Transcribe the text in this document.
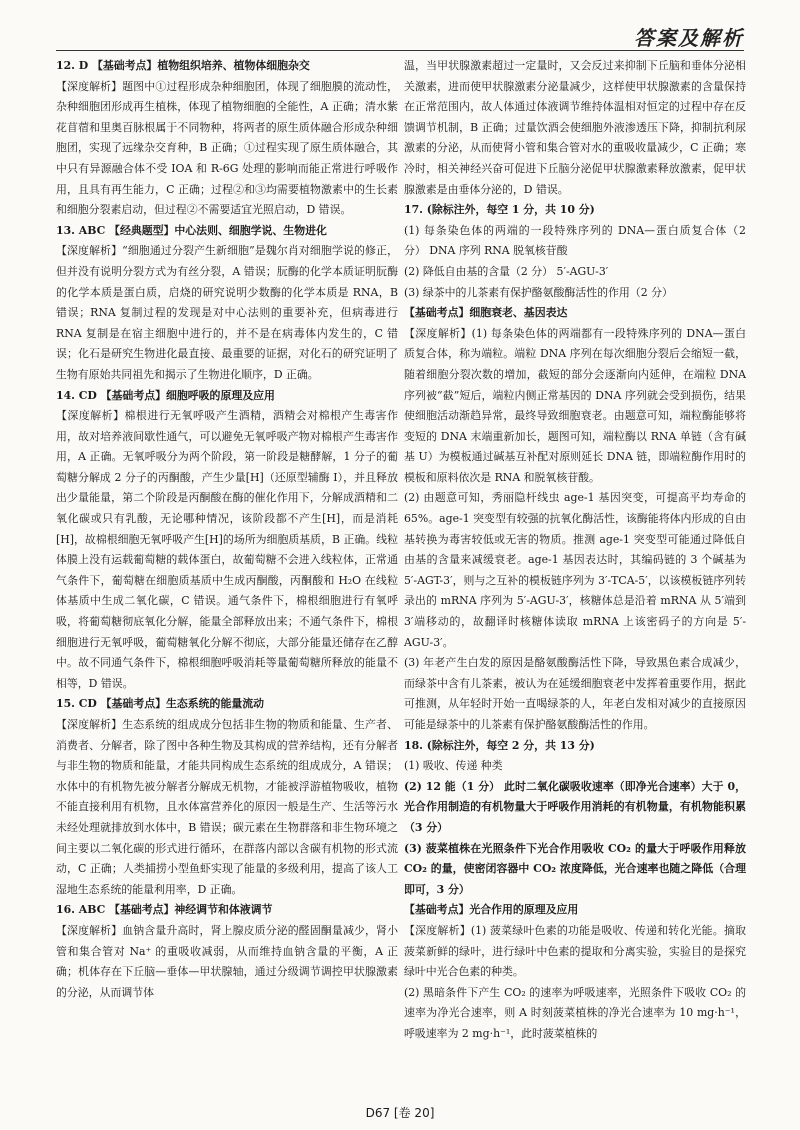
答案及解析

12. D 【基础考点】植物组织培养、植物体细胞杂交

【深度解析】题图中①过程形成杂种细胞团，体现了细胞膜的流动性，杂种细胞团形成再生植株，体现了植物细胞的全能性，A 正确；清水紫花苜蓿和里奥百脉根属于不同物种，将两者的原生质体融合形成杂种细胞团，实现了远缘杂交育种，B 正确；①过程实现了原生质体融合，其中只有异源融合体不受 IOA 和 R-6G 处理的影响而能正常进行呼吸作用，且具有再生能力，C 正确；过程②和③均需要植物激素中的生长素和细胞分裂素启动，但过程②不需要适宜光照启动，D 错误。

13. ABC 【经典题型】中心法则、细胞学说、生物进化

【深度解析】“细胞通过分裂产生新细胞”是魏尔肖对细胞学说的修正，但并没有说明分裂方式为有丝分裂，A 错误；朊酶的化学本质证明朊酶的化学本质是蛋白质，启烧的研究说明少数酶的化学本质是 RNA，B 错误；RNA 复制过程的发现是对中心法则的重要补充，但病毒进行 RNA 复制是在宿主细胞中进行的，并不是在病毒体内发生的，C 错误；化石是研究生物进化最直接、最重要的证据，对化石的研究证明了生物有原始共同祖先和揭示了生物进化顺序，D 正确。

14. CD 【基础考点】细胞呼吸的原理及应用

【深度解析】棉根进行无氧呼吸产生酒精，酒精会对棉根产生毒害作用，故对培养液间歇性通气，可以避免无氧呼吸产物对棉根产生毒害作用，A 正确。无氧呼吸分为两个阶段，第一阶段是糖酵解，1 分子的葡萄糖分解成 2 分子的丙酮酸，产生少量[H]（还原型辅酶 Ⅰ），并且释放出少量能量，第二个阶段是丙酮酸在酶的催化作用下，分解成酒精和二氧化碳或只有乳酸，无论哪种情况，该阶段都不产生[H]，而是消耗[H]，故棉根细胞无氧呼吸产生[H]的场所为细胞质基质，B 正确。线粒体膜上没有运载葡萄糖的载体蛋白，故葡萄糖不会进入线粒体，正常通气条件下，葡萄糖在细胞质基质中生成丙酮酸，丙酮酸和 H₂O 在线粒体基质中生成二氧化碳，C 错误。通气条件下，棉根细胞进行有氧呼吸，将葡萄糖彻底氧化分解，能量全部释放出来；不通气条件下，棉根细胞进行无氧呼吸，葡萄糖氧化分解不彻底，大部分能量还储存在乙醇中。故不同通气条件下，棉根细胞呼吸消耗等量葡萄糖所释放的能量不相等，D 错误。

15. CD 【基础考点】生态系统的能量流动

【深度解析】生态系统的组成成分包括非生物的物质和能量、生产者、消费者、分解者，除了图中各种生物及其构成的营养结构，还有分解者与非生物的物质和能量，才能共同构成生态系统的组成成分，A 错误；水体中的有机物先被分解者分解成无机物，才能被浮游植物吸收，植物不能直接利用有机物，且水体富营养化的原因一般是生产、生活等污水未经处理就排放到水体中，B 错误；碳元素在生物群落和非生物环境之间主要以二氧化碳的形式进行循环，在群落内部以含碳有机物的形式流动，C 正确；人类捕捞小型鱼虾实现了能量的多级利用，提高了该人工湿地生态系统的能量利用率，D 正确。

16. ABC 【基础考点】神经调节和体液调节

【深度解析】血钠含量升高时，肾上腺皮质分泌的醛固酮量减少，肾小管和集合管对 Na⁺ 的重吸收减弱，从而维持血钠含量的平衡，A 正确；机体存在下丘脑—垂体—甲状腺轴，通过分级调节调控甲状腺激素的分泌，从而调节体

温，当甲状腺激素超过一定量时，又会反过来抑制下丘脑和垂体分泌相关激素，进而使甲状腺激素分泌量减少，这样使甲状腺激素的含量保持在正常范围内，故人体通过体液调节维持体温相对恒定的过程中存在反馈调节机制，B 正确；过量饮酒会使细胞外液渗透压下降，抑制抗利尿激素的分泌，从而使肾小管和集合管对水的重吸收量减少，C 正确；寒冷时，相关神经兴奋可促进下丘脑分泌促甲状腺激素释放激素，促甲状腺激素是由垂体分泌的，D 错误。

17. (除标注外，每空 1 分，共 10 分)

(1) 每条染色体的两端的一段特殊序列的 DNA—蛋白质复合体（2 分） DNA 序列 RNA 脱氧核苷酸

(2) 降低自由基的含量（2 分） 5′-AGU-3′

(3) 绿茶中的儿茶素有保护酪氨酸酶活性的作用（2 分）

【基础考点】细胞衰老、基因表达

【深度解析】(1) 每条染色体的两端都有一段特殊序列的 DNA—蛋白质复合体，称为端粒。端粒 DNA 序列在每次细胞分裂后会缩短一截，随着细胞分裂次数的增加，截短的部分会逐渐向内延伸，在端粒 DNA 序列被“截”短后，端粒内侧正常基因的 DNA 序列就会受到损伤，结果使细胞活动渐趋异常，最终导致细胞衰老。由题意可知，端粒酶能够将变短的 DNA 末端重新加长，题图可知，端粒酶以 RNA 单链（含有碱基 U）为模板通过碱基互补配对原则延长 DNA 链，即端粒酶作用时的模板和原料依次是 RNA 和脱氧核苷酸。

(2) 由题意可知，秀丽隐杆线虫 age-1 基因突变，可提高平均寿命的 65%。age-1 突变型有较强的抗氧化酶活性，该酶能将体内形成的自由基转换为毒害较低或无害的物质。推测 age-1 突变型可能通过降低自由基的含量来减缓衰老。age-1 基因表达时，其编码链的 3 个碱基为 5′-AGT-3′，则与之互补的模板链序列为 3′-TCA-5′，以该模板链序列转录出的 mRNA 序列为 5′-AGU-3′，核糖体总是沿着 mRNA 从 5′端到 3′端移动的，故翻译时核糖体读取 mRNA 上该密码子的方向是 5′-AGU-3′。

(3) 年老产生白发的原因是酪氨酸酶活性下降，导致黑色素合成减少，而绿茶中含有儿茶素，被认为在延缓细胞衰老中发挥着重要作用，据此可推测，从年轻时开始一直喝绿茶的人，年老白发相对减少的直接原因可能是绿茶中的儿茶素有保护酪氨酸酶活性的作用。

18. (除标注外，每空 2 分，共 13 分)

(1) 吸收、传递 种类

(2) 12 能（1 分） 此时二氧化碳吸收速率（即净光合速率）大于 0，光合作用制造的有机物量大于呼吸作用消耗的有机物量，有机物能积累（3 分）

(3) 菠菜植株在光照条件下光合作用吸收 CO₂ 的量大于呼吸作用释放 CO₂ 的量，使密闭容器中 CO₂ 浓度降低，光合速率也随之降低（合理即可，3 分）

【基础考点】光合作用的原理及应用

【深度解析】(1) 菠菜绿叶色素的功能是吸收、传递和转化光能。摘取菠菜新鲜的绿叶，进行绿叶中色素的提取和分离实验，实验目的是探究绿叶中光合色素的种类。

(2) 黑暗条件下产生 CO₂ 的速率为呼吸速率，光照条件下吸收 CO₂ 的速率为净光合速率，则 A 时刻菠菜植株的净光合速率为 10 mg·h⁻¹，呼吸速率为 2 mg·h⁻¹，此时菠菜植株的

D67 [卷 20]
